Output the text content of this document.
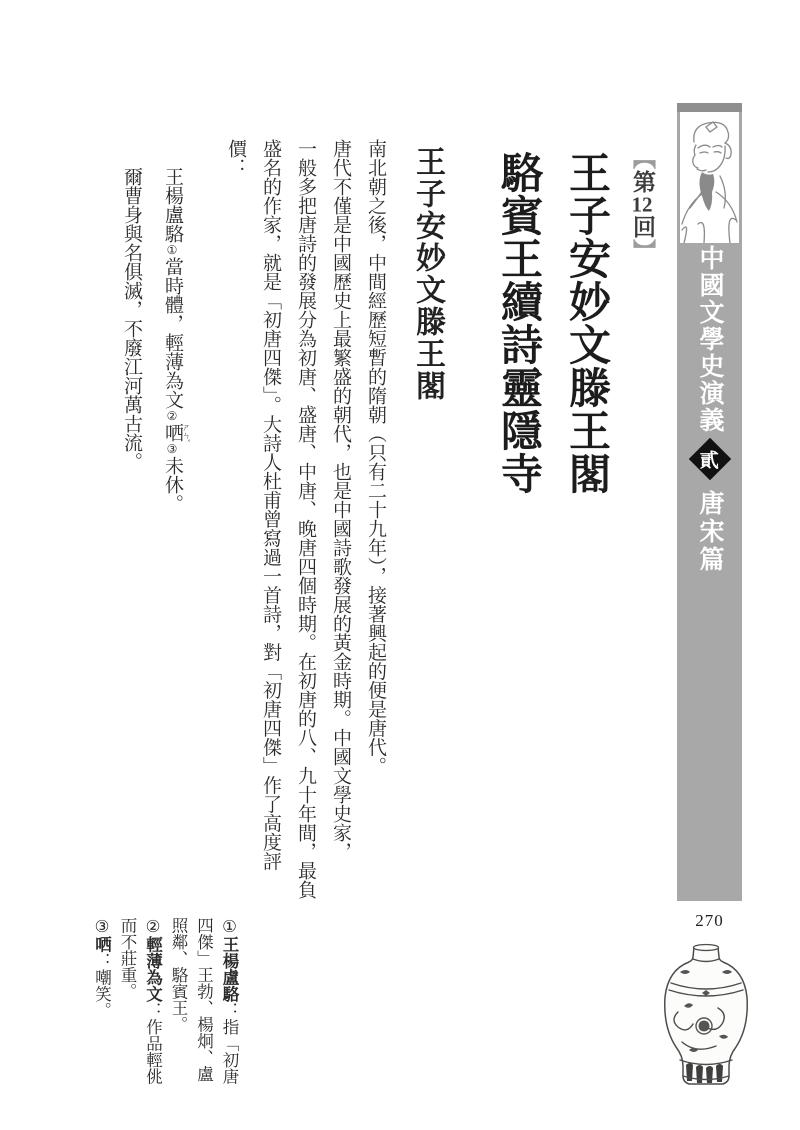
中國文學史演義
貳
唐宋篇
270
【第12回】
王子安妙文滕王閣
駱賓王續詩靈隱寺
王子安妙文滕王閣
南北朝之後，中間經歷短暫的隋朝（只有二十九年），接著興起的便是唐代。
唐代不僅是中國歷史上最繁盛的朝代，也是中國詩歌發展的黃金時期。中國文學史家，
一般多把唐詩的發展分為初唐、盛唐、中唐、晚唐四個時期。在初唐的八、九十年間，最負
盛名的作家，就是「初唐四傑」。大詩人杜甫曾寫過一首詩，對「初唐四傑」作了高度評
價：
王楊盧駱①當時體，輕薄為文②哂 ㄕㄣˇ③未休。
爾曹身與名俱滅，不廢江河萬古流。
①王楊盧駱：指「初唐
四傑」王勃、楊炯、盧
照鄰、駱賓王。
②輕薄為文：作品輕佻
而不莊重。
③哂：嘲笑。
